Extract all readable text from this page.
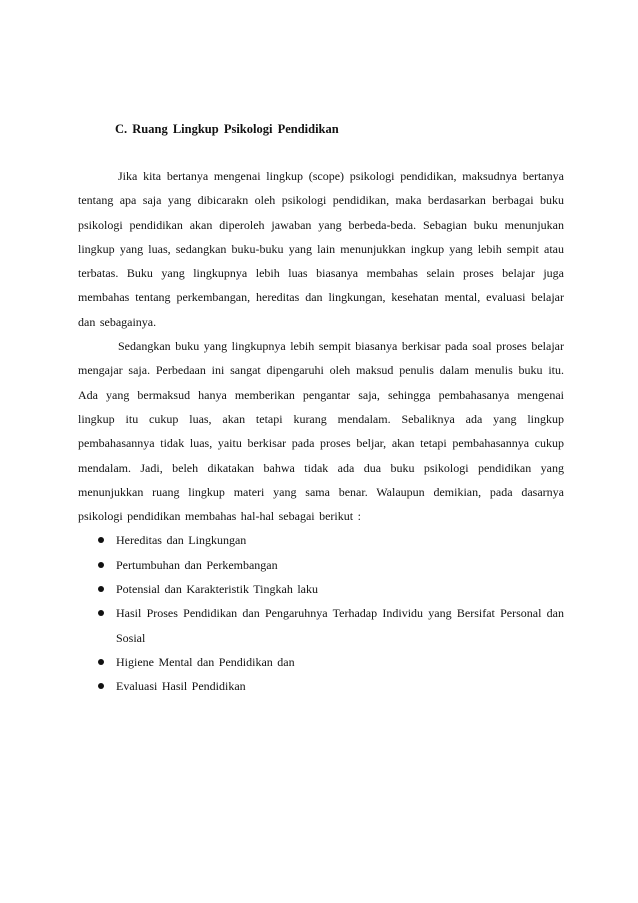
C. Ruang Lingkup Psikologi Pendidikan

Jika kita bertanya mengenai lingkup (scope) psikologi pendidikan, maksudnya bertanya tentang apa saja yang dibicarakn oleh psikologi pendidikan, maka berdasarkan berbagai buku psikologi pendidikan akan diperoleh jawaban yang berbeda-beda. Sebagian buku menunjukan lingkup yang luas, sedangkan buku-buku yang lain menunjukkan ingkup yang lebih sempit atau terbatas. Buku yang lingkupnya lebih luas biasanya membahas selain proses belajar juga membahas tentang perkembangan, hereditas dan lingkungan, kesehatan mental, evaluasi belajar dan sebagainya.

Sedangkan buku yang lingkupnya lebih sempit biasanya berkisar pada soal proses belajar mengajar saja. Perbedaan ini sangat dipengaruhi oleh maksud penulis dalam menulis buku itu. Ada yang bermaksud hanya memberikan pengantar saja, sehingga pembahasanya mengenai lingkup itu cukup luas, akan tetapi kurang mendalam. Sebaliknya ada yang lingkup pembahasannya tidak luas, yaitu berkisar pada proses beljar, akan tetapi pembahasannya cukup mendalam. Jadi, beleh dikatakan bahwa tidak ada dua buku psikologi pendidikan yang menunjukkan ruang lingkup materi yang sama benar. Walaupun demikian, pada dasarnya psikologi pendidikan membahas hal-hal sebagai berikut :

Hereditas dan Lingkungan
Pertumbuhan dan Perkembangan
Potensial dan Karakteristik Tingkah laku
Hasil Proses Pendidikan dan Pengaruhnya Terhadap Individu yang Bersifat Personal dan Sosial
Higiene Mental dan Pendidikan dan
Evaluasi Hasil Pendidikan
